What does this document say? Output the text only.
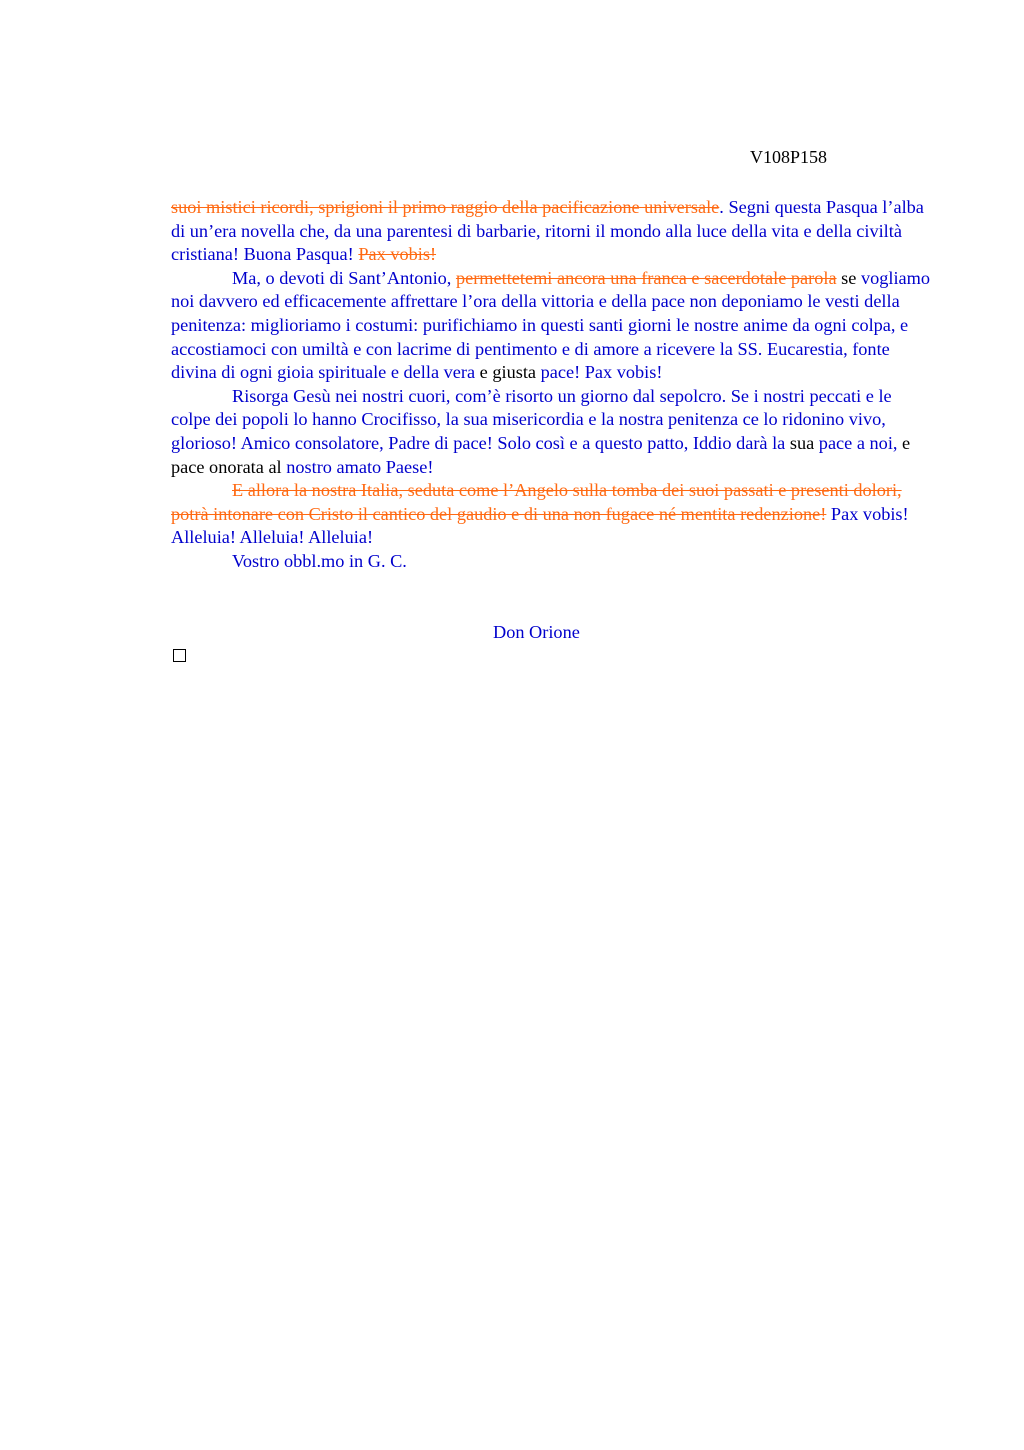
V108P158

suoi mistici ricordi, sprigioni il primo raggio della pacificazione universale. Segni questa Pasqua l’alba di un’era novella che, da una parentesi di barbarie, ritorni il mondo alla luce della vita e della civiltà cristiana! Buona Pasqua! Pax vobis!

Ma, o devoti di Sant’Antonio, permettetemi ancora una franca e sacerdotale parola se vogliamo noi davvero ed efficacemente affrettare l’ora della vittoria e della pace non deponiamo le vesti della penitenza: miglioriamo i costumi: purifichiamo in questi santi giorni le nostre anime da ogni colpa, e accostiamoci con umiltà e con lacrime di pentimento e di amore a ricevere la SS. Eucarestia, fonte divina di ogni gioia spirituale e della vera e giusta pace! Pax vobis!

Risorga Gesù nei nostri cuori, com’è risorto un giorno dal sepolcro. Se i nostri peccati e le colpe dei popoli lo hanno Crocifisso, la sua misericordia e la nostra penitenza ce lo ridonino vivo, glorioso! Amico consolatore, Padre di pace! Solo così e a questo patto, Iddio darà la sua pace a noi, e pace onorata al nostro amato Paese!

E allora la nostra Italia, seduta come l’Angelo sulla tomba dei suoi passati e presenti dolori, potrà intonare con Cristo il cantico del gaudio e di una non fugace né mentita redenzione! Pax vobis! Alleluia! Alleluia! Alleluia!

Vostro obbl.mo in G. C.

Don Orione
